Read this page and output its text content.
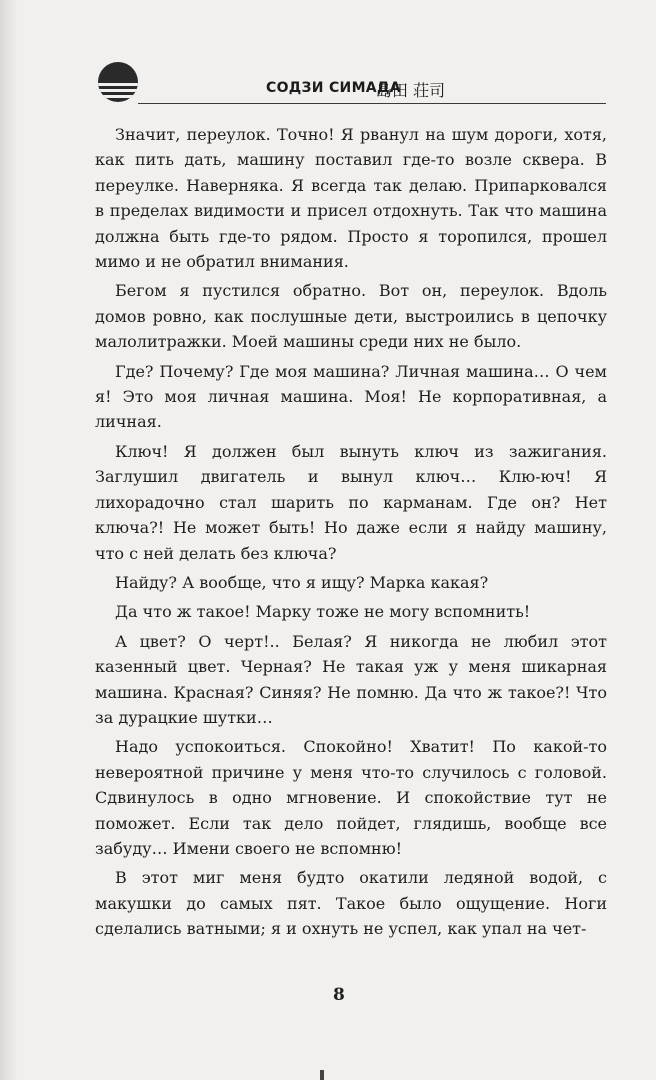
СОДЗИ СИМАДА
島田 荘司

Значит, переулок. Точно! Я рванул на шум дороги, хотя, как пить дать, машину поставил где-то возле сквера. В переулке. Наверняка. Я всегда так делаю. Припарковался в пределах видимости и присел отдохнуть. Так что машина должна быть где-то рядом. Просто я торопился, прошел мимо и не обратил внимания.

Бегом я пустился обратно. Вот он, переулок. Вдоль домов ровно, как послушные дети, выстроились в цепочку малолитражки. Моей машины среди них не было.

Где? Почему? Где моя машина? Личная машина… О чем я! Это моя личная машина. Моя! Не корпоративная, а личная.

Ключ! Я должен был вынуть ключ из зажигания. Заглушил двигатель и вынул ключ… Клю-юч! Я лихорадочно стал шарить по карманам. Где он? Нет ключа?! Не может быть! Но даже если я найду машину, что с ней делать без ключа?

Найду? А вообще, что я ищу? Марка какая?

Да что ж такое! Марку тоже не могу вспомнить!

А цвет? О черт!.. Белая? Я никогда не любил этот казенный цвет. Черная? Не такая уж у меня шикарная машина. Красная? Синяя? Не помню. Да что ж такое?! Что за дурацкие шутки…

Надо успокоиться. Спокойно! Хватит! По какой-то невероятной причине у меня что-то случилось с головой. Сдвинулось в одно мгновение. И спокойствие тут не поможет. Если так дело пойдет, глядишь, вообще все забуду… Имени своего не вспомню!

В этот миг меня будто окатили ледяной водой, с макушки до самых пят. Такое было ощущение. Ноги сделались ватными; я и охнуть не успел, как упал на чет-

8
